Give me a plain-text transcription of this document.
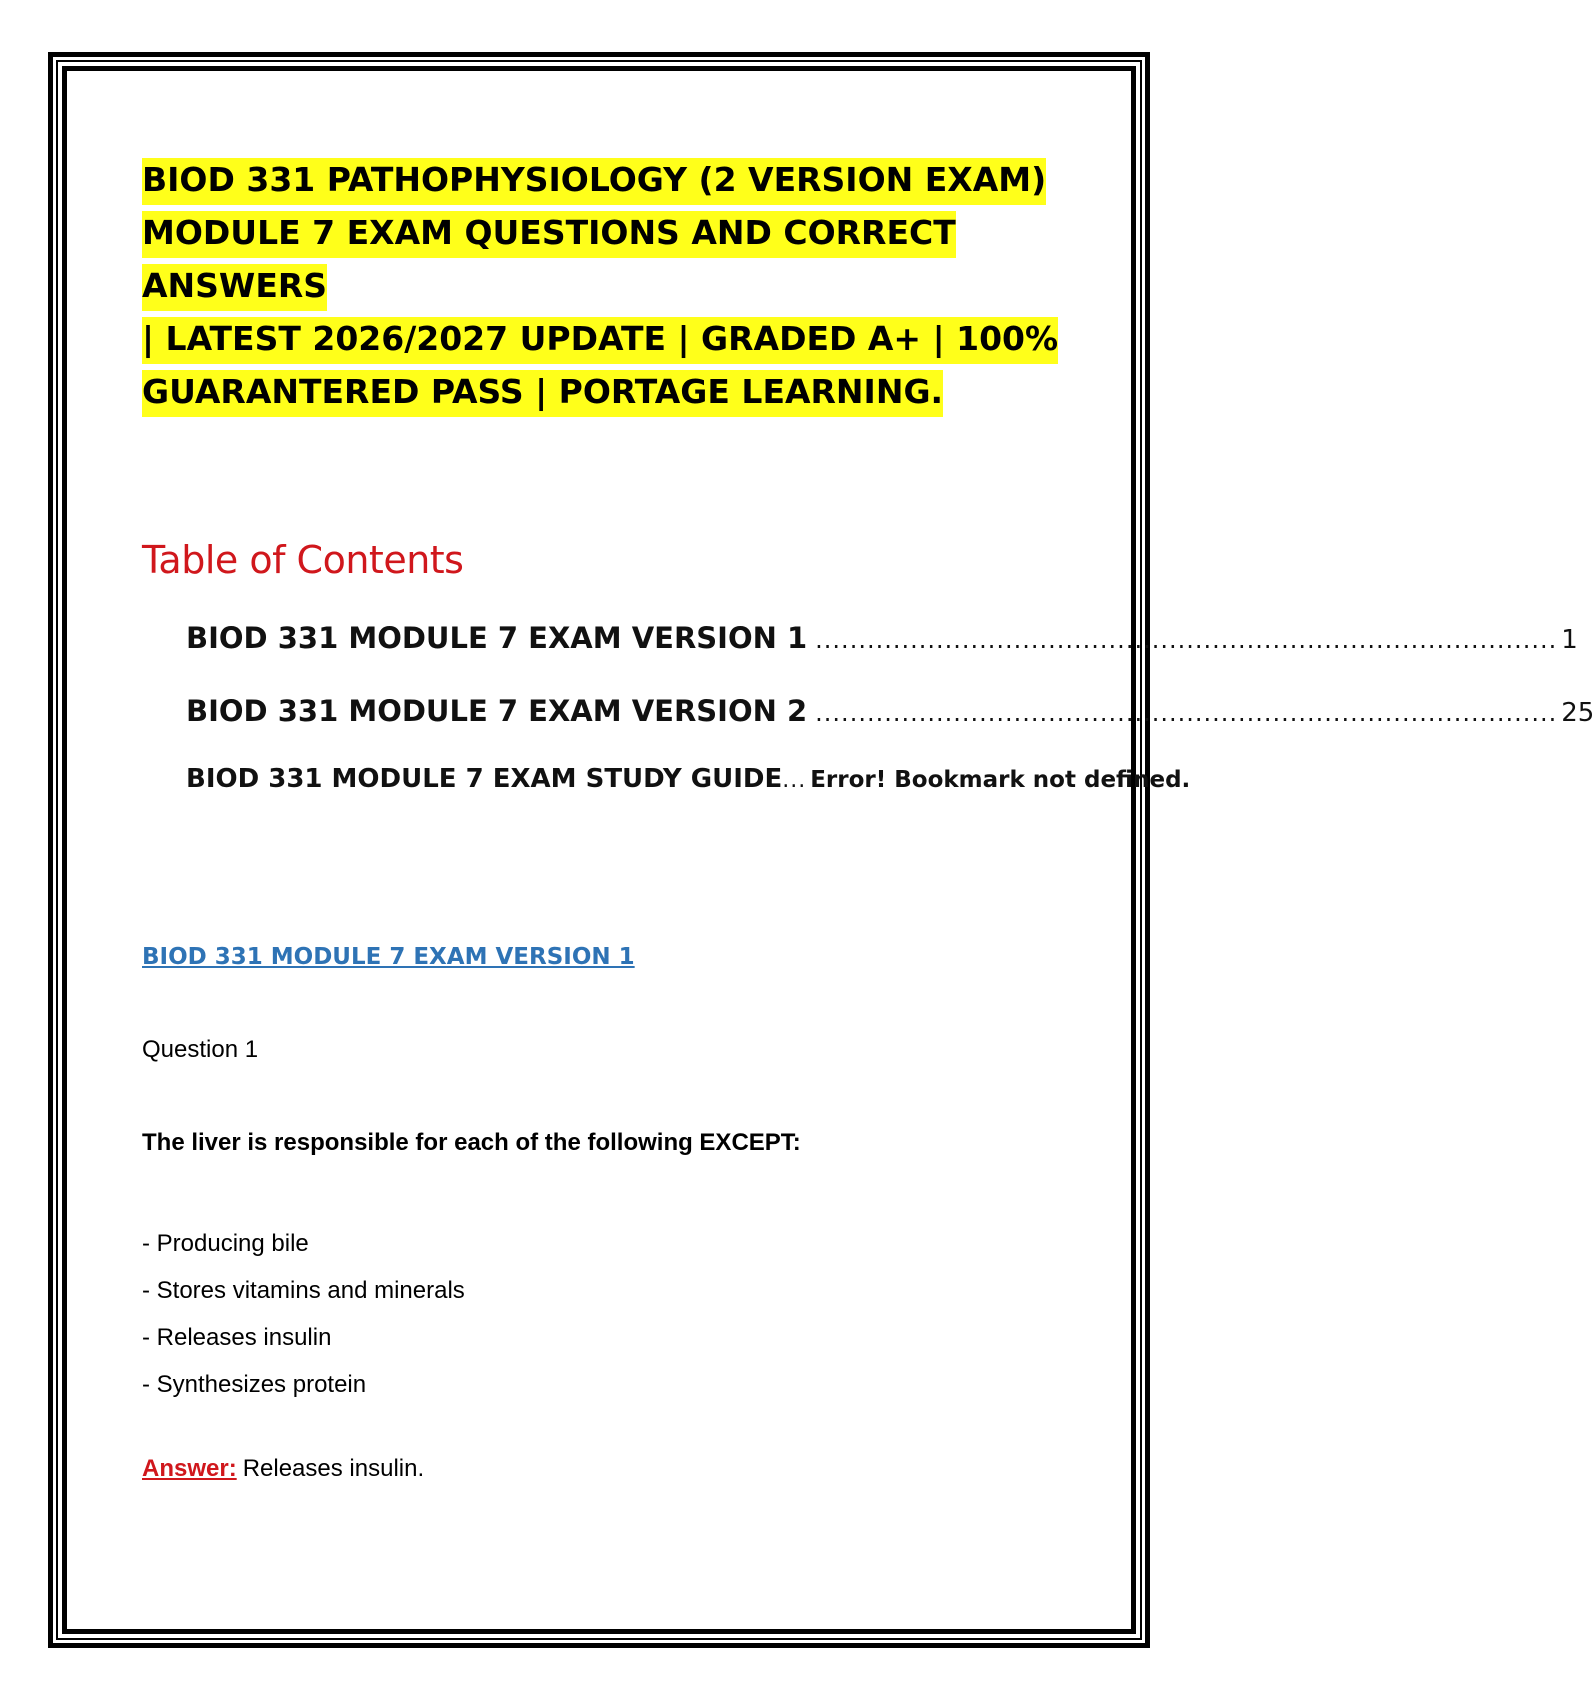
BIOD 331 PATHOPHYSIOLOGY (2 VERSION EXAM)
MODULE 7 EXAM QUESTIONS AND CORRECT ANSWERS
| LATEST 2026/2027 UPDATE | GRADED A+ | 100%
GUARANTERED PASS | PORTAGE LEARNING.
Table of Contents
BIOD 331 MODULE 7 EXAM VERSION 1 ...................................................................................... 1
BIOD 331 MODULE 7 EXAM VERSION 2 ...................................................................................... 25
BIOD 331 MODULE 7 EXAM STUDY GUIDE ... Error! Bookmark not defined.
BIOD 331 MODULE 7 EXAM VERSION 1
Question 1
The liver is responsible for each of the following EXCEPT:
- Producing bile
- Stores vitamins and minerals
- Releases insulin
- Synthesizes protein
Answer: Releases insulin.
